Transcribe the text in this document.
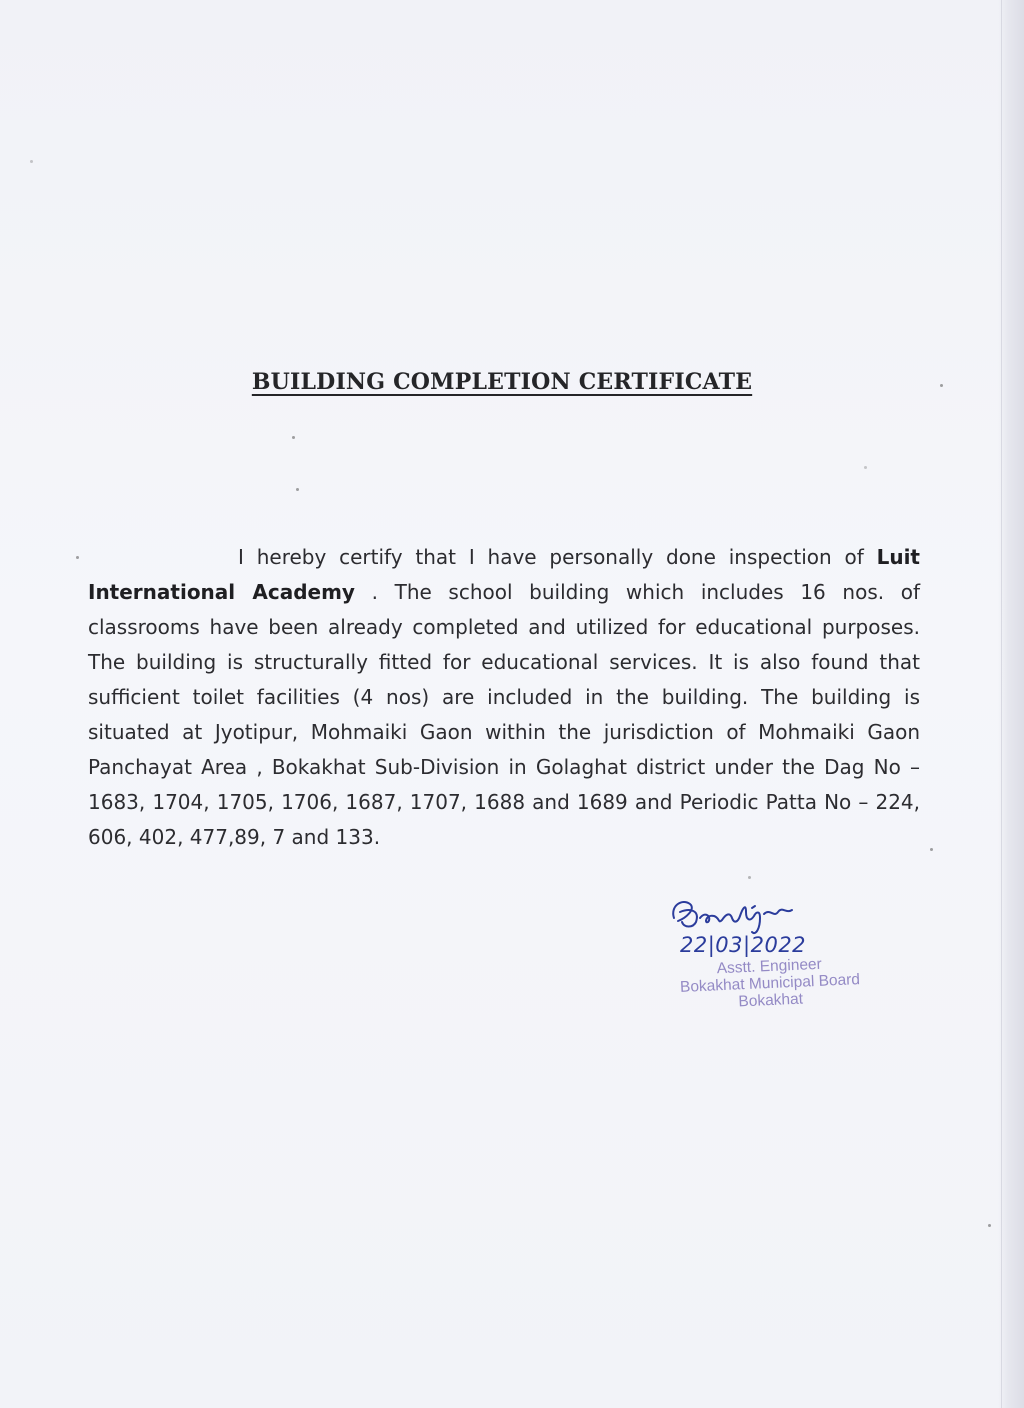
BUILDING COMPLETION CERTIFICATE

I hereby certify that I have personally done inspection of Luit International Academy . The school building which includes 16 nos. of classrooms have been already completed and utilized for educational purposes. The building is structurally fitted for educational services. It is also found that sufficient toilet facilities (4 nos) are included in the building. The building is situated at Jyotipur, Mohmaiki Gaon within the jurisdiction of Mohmaiki Gaon Panchayat Area , Bokakhat Sub-Division in Golaghat district under the Dag No – 1683, 1704, 1705, 1706, 1687, 1707, 1688 and 1689 and Periodic Patta No – 224, 606, 402, 477,89, 7 and 133.

22|03|2022
Asstt. Engineer
Bokakhat Municipal Board
Bokakhat
